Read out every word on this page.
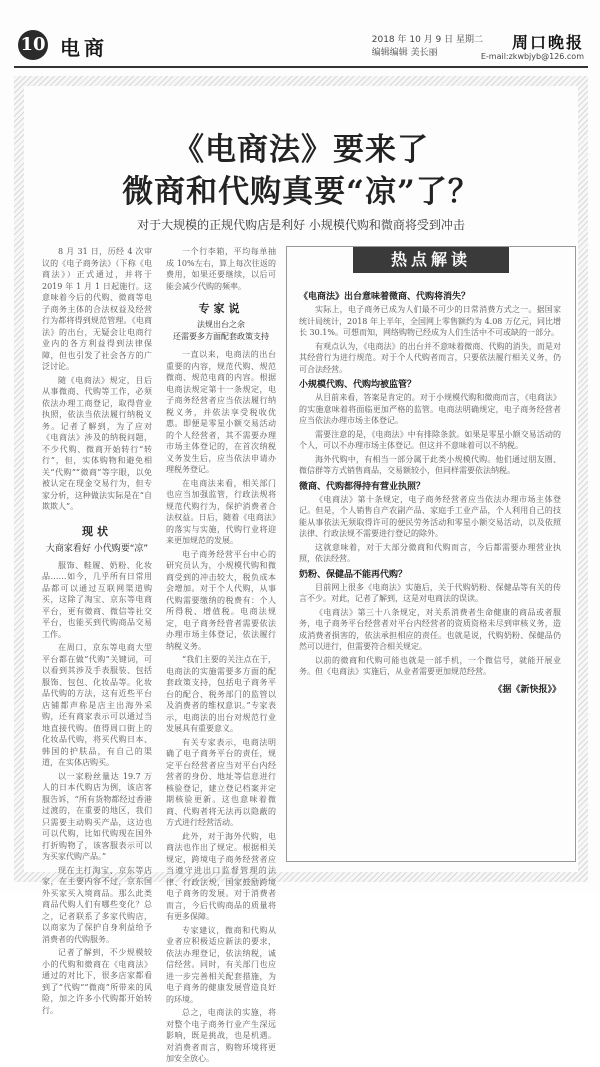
10 电商	2018 年 10 月 9 日 星期二
编辑编辑 美长丽
周口晚报
E-mail:zkwbjyb@126.com
《电商法》要来了
微商和代购真要“凉”了？
对于大规模的正规代购店是利好 小规模代购和微商将受到冲击

8 月 31 日，历经 4 次审议的《电子商务法》（下称《电商法》）正式通过，并将于 2019 年 1 月 1 日起施行。这意味着今后的代购、微商等电子商务主体的合法权益及经营行为都将得到规范管理。《电商法》的出台，无疑会让电商行业内的各方利益得到法律保障，但也引发了社会各方的广泛讨论。

随《电商法》规定，目后从事微商、代购等工作，必须依法办理工商登记，取得营业执照，依法当依法履行纳税义务。记者了解到，为了应对《电商法》涉及的纳税问题，不少代购、微商开始转行“转行”，但，实体购物和避免相关“代购”“微商”等字眼，以免被认定在现金交易行为，但专家分析，这种做法实际是在“自欺欺人”。

现状
大商家看好 小代购要“凉”

服饰、鞋履、奶粉、化妆品……如今，几乎所有日常用品都可以通过互联网渠道购买，这除了淘宝、京东等电商平台，更有微商、微信等社交平台，也能买到代购商品交易工作。

在周口，京东等电商大型平台都在做“代购”关键词，可以看到其涉及手表服装、包括服饰、包包、化妆品等。化妆品代购的方法，这有近些平台店铺都声称是店主出海外采购，还有商家表示可以通过当地直接代购。值得周口街上的化妆品代购，将买代购日本、韩国的护肤品，有自己的渠道，在实体店购买。

以一家粉丝量达 19.7 万人的日本代购店为例，该店客服告诉，“所有货物都经过香港过渡的，在重要的地区，我们只需要主动购买产品，这边也可以代购，比如代购现在国外打折购物了，该客服表示可以为买家代购产品。”

现在主打淘宝、京东等店家，在主要内容不过，京东国外买家买入境商品。那么此类商品代购人们有哪些变化？总之，记者联系了多家代购店，以商家为了保护自身利益给予消费者的代购服务。

记者了解到，不少规模较小的代购和微商在《电商法》通过的对比下，很多店家都看到了“代购”“微商”所带来的风险，加之许多小代购都开始转行。

一个行李箱，平均每单抽成 10%左右，算上每次往返的费用，如果还要继续，以后可能会减少代购的频率。

专家说
法规出台之余
还需要多方面配套政策支持

一直以来，电商法的出台重要的内容，规范代购、规范微商、规范电商的内容。根据电商法规定第十一条规定，电子商务经营者应当依法履行纳税义务，并依法享受税收优惠。即便是零星小额交易活动的个人经营者，其不需要办理市场主体登记的，在首次纳税义务发生后，应当依法申请办理税务登记。

在电商法来看，相关部门也应当加强监管，行政法规将规范代购行为，保护消费者合法权益。日后，随着《电商法》的落实与实施，代购行业将迎来更加规范的发展。

电子商务经营平台中心的研究员认为，小规模代购和微商受到的冲击较大，税负成本会增加。对于个人代购，从事代购需要缴纳的税费有：个人所得税、增值税。电商法规定，电子商务经营者需要依法办理市场主体登记，依法履行纳税义务。

“我们主要的关注点在于，电商法的实施需要多方面的配套政策支持，包括电子商务平台的配合、税务部门的监管以及消费者的维权意识。”专家表示，电商法的出台对规范行业发展具有重要意义。

有关专家表示，电商法明确了电子商务平台的责任，规定平台经营者应当对平台内经营者的身份、地址等信息进行核验登记，建立登记档案并定期核验更新。这也意味着微商、代购者将无法再以隐蔽的方式进行经营活动。

此外，对于海外代购，电商法也作出了规定。根据相关规定，跨境电子商务经营者应当遵守进出口监督管理的法律、行政法规，国家鼓励跨境电子商务的发展。对于消费者而言，今后代购商品的质量将有更多保障。

专家建议，微商和代购从业者应积极适应新法的要求，依法办理登记，依法纳税，诚信经营。同时，有关部门也应进一步完善相关配套措施，为电子商务的健康发展营造良好的环境。

总之，电商法的实施，将对整个电子商务行业产生深远影响，既是挑战，也是机遇。对消费者而言，购物环境将更加安全放心。

热点解读

《电商法》出台意味着微商、代购将消失？

实际上，电子商务已成为人们最不可少的日常消费方式之一。据国家统计局统计，2018 年上半年，全国网上零售额约为 4.08 万亿元，同比增长 30.1%。可想而知，网络购物已经成为人们生活中不可或缺的一部分。

有观点认为，《电商法》的出台并不意味着微商、代购的消失，而是对其经营行为进行规范。对于个人代购者而言，只要依法履行相关义务，仍可合法经营。

小规模代购、代购均被监管？

从目前来看，答案是肯定的。对于小规模代购和微商而言，《电商法》的实施意味着将面临更加严格的监管。电商法明确规定，电子商务经营者应当依法办理市场主体登记。

需要注意的是，《电商法》中有排除条款。如果是零星小额交易活动的个人，可以不办理市场主体登记。但这并不意味着可以不纳税。

海外代购中，有相当一部分属于此类小规模代购。他们通过朋友圈、微信群等方式销售商品，交易额较小，但同样需要依法纳税。

微商、代购都得持有营业执照？

《电商法》第十条规定，电子商务经营者应当依法办理市场主体登记。但是，个人销售自产农副产品、家庭手工业产品，个人利用自己的技能从事依法无须取得许可的便民劳务活动和零星小额交易活动，以及依照法律、行政法规不需要进行登记的除外。

这就意味着，对于大部分微商和代购而言，今后都需要办理营业执照，依法经营。

奶粉、保健品不能再代购？

目前网上很多《电商法》实施后，关于代购奶粉、保健品等有关的传言不少。对此，记者了解到，这是对电商法的误读。

《电商法》第三十八条规定，对关系消费者生命健康的商品或者服务，电子商务平台经营者对平台内经营者的资质资格未尽到审核义务，造成消费者损害的，依法承担相应的责任。也就是说，代购奶粉、保健品仍然可以进行，但需要符合相关规定。

以前的微商和代购可能也就是一部手机，一个微信号，就能开展业务。但《电商法》实施后，从业者需要更加规范经营。

《据《新快报》》
